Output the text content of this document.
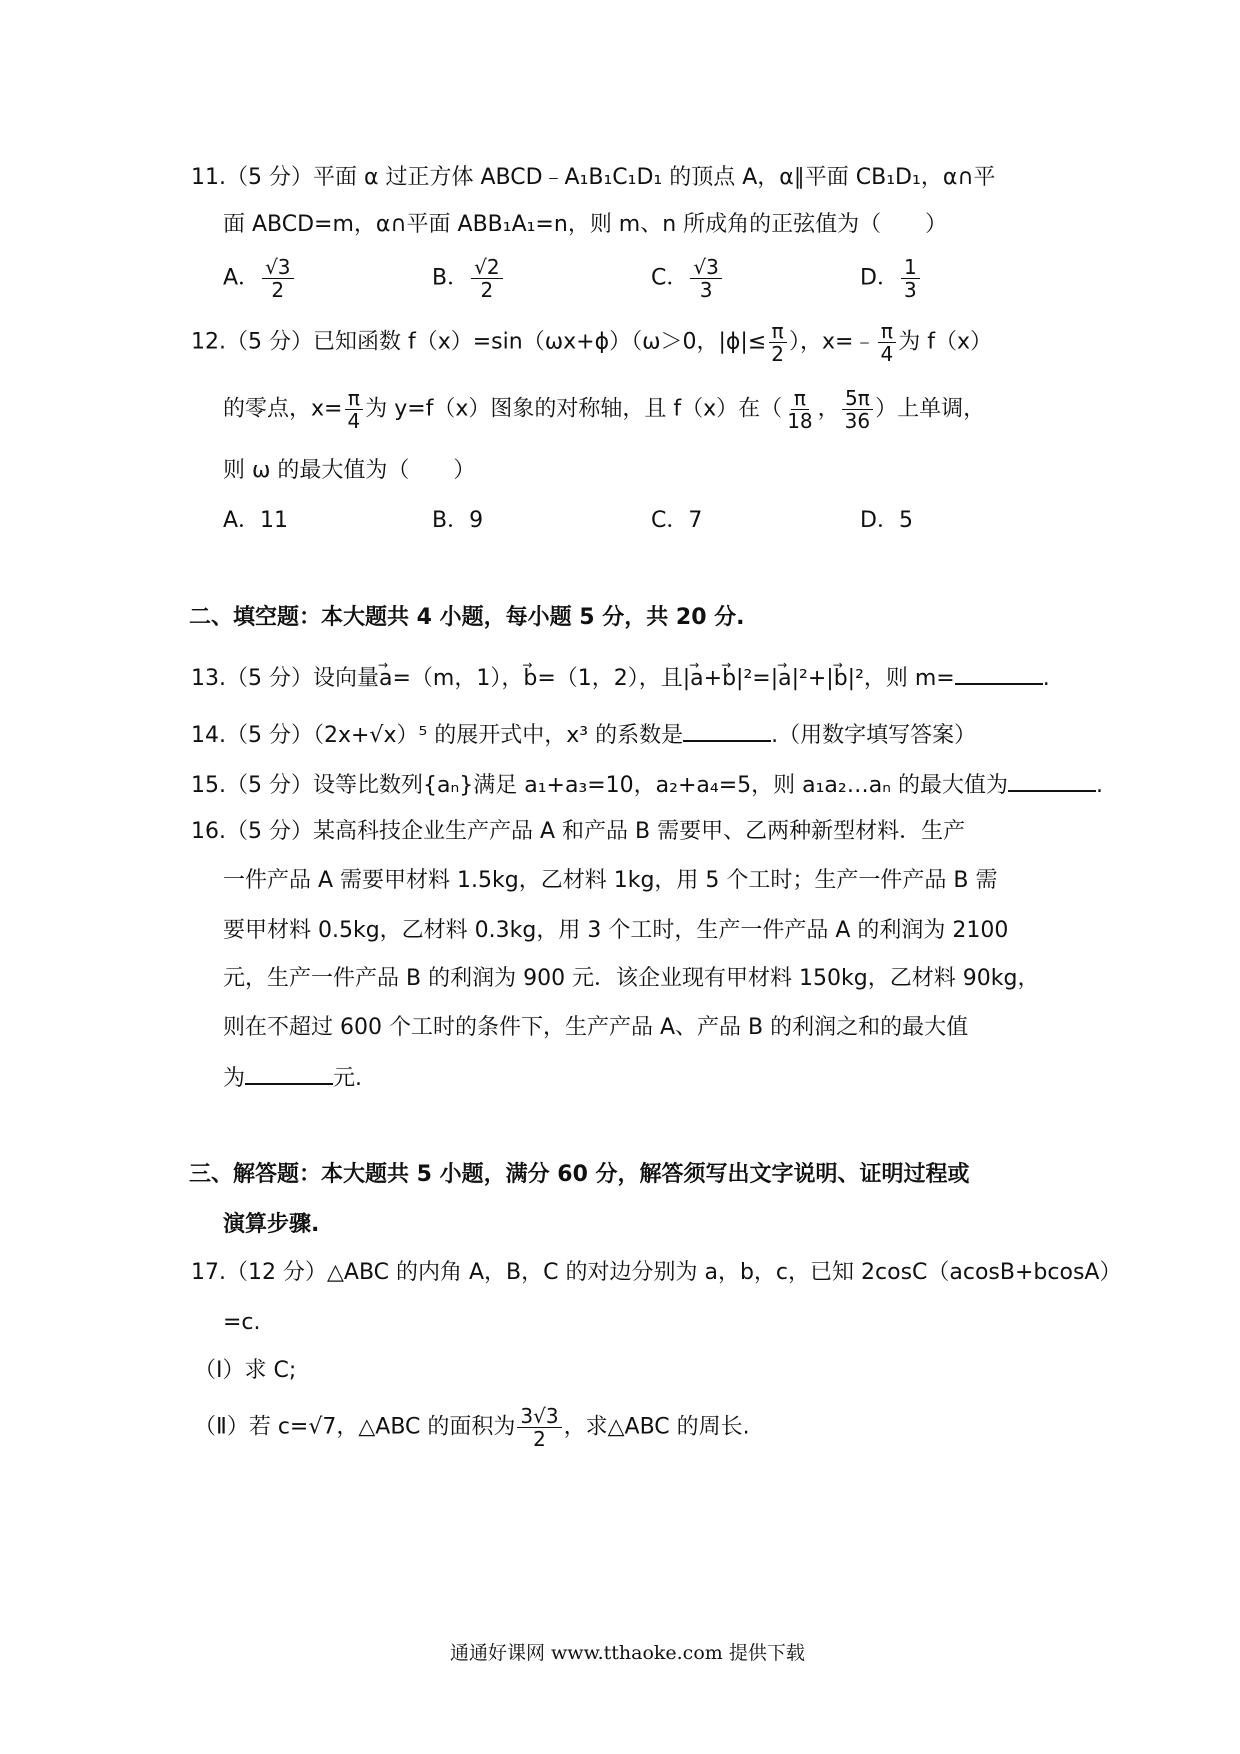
11.（5 分）平面 α 过正方体 ABCD﹣A₁B₁C₁D₁ 的顶点 A，α∥平面 CB₁D₁，α∩平
面 ABCD=m，α∩平面 ABB₁A₁=n，则 m、n 所成角的正弦值为（　　）
A． $\frac{√3}{2}$	B． $\frac{√2}{2}$	C． $\frac{√3}{3}$	D． $\frac{1}{3}$
12.（5 分）已知函数 f（x）=sin（ωx+ϕ）（ω＞0，$|\phi|\le \frac{\pi}{2}$ ），x=﹣ $\frac{\pi}{4}$ 为 f（x）
的零点，$x= \frac{\pi}{4}$ 为 y=f（x）图象的对称轴，且 f（x）在（ $\frac{\pi}{18}$ ， $\frac{5\pi}{36}$ ）上单调，
则 ω 的最大值为（　　）
A．11	B．9	C．7	D．5
二、填空题：本大题共 4 小题，每小题 5 分，共 20 分.
13.（5 分）设向量→ a=（m，1），→ b=（1，2），且|→ a+→ b|²=|→ a|²+|→ b|²，则 m=	.
14.（5 分）（2x+√x）⁵ 的展开式中，x³ 的系数是	.（用数字填写答案）
15.（5 分）设等比数列{aₙ}满足 a₁+a₃=10，a₂+a₄=5，则 a₁a₂…aₙ 的最大值为	.
16.（5 分）某高科技企业生产产品 A 和产品 B 需要甲、乙两种新型材料．生产
一件产品 A 需要甲材料 1.5kg，乙材料 1kg，用 5 个工时；生产一件产品 B 需
要甲材料 0.5kg，乙材料 0.3kg，用 3 个工时，生产一件产品 A 的利润为 2100
元，生产一件产品 B 的利润为 900 元．该企业现有甲材料 150kg，乙材料 90kg，
则在不超过 600 个工时的条件下，生产产品 A、产品 B 的利润之和的最大值
为	元.
三、解答题：本大题共 5 小题，满分 60 分，解答须写出文字说明、证明过程或
演算步骤.
17.（12 分）△ABC 的内角 A，B，C 的对边分别为 a，b，c，已知 2cosC（acosB+bcosA）
=c.
（Ⅰ）求 C;
（Ⅱ）若 c=√7，△ABC 的面积为 $\frac{3√3}{2}$ ，求△ABC 的周长.
通通好课网 www.tthaoke.com 提供下载
